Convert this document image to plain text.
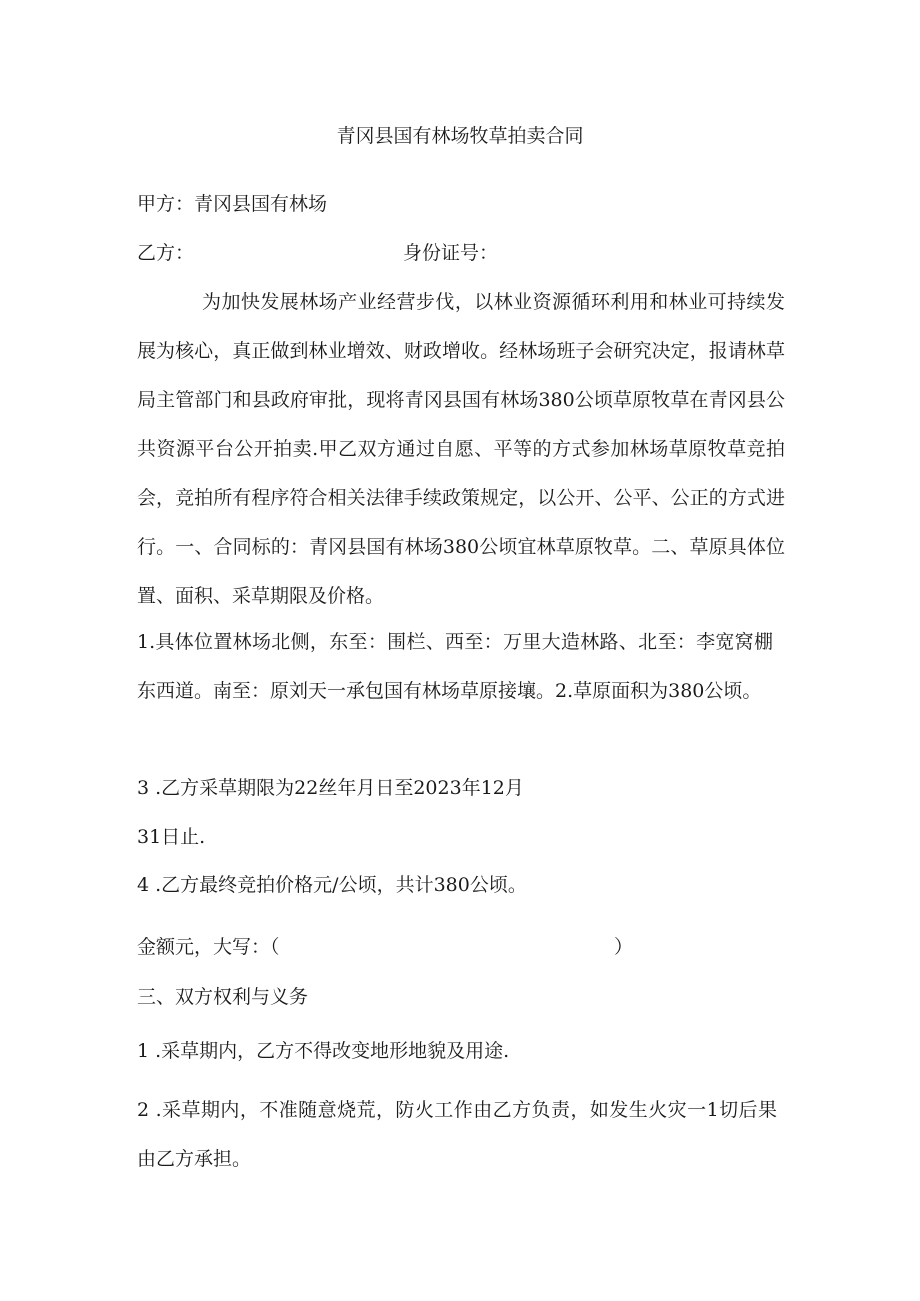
青冈县国有林场牧草拍卖合同
甲方：青冈县国有林场
乙方：	身份证号：
为加快发展林场产业经营步伐，以林业资源循环利用和林业可持续发展为核心，真正做到林业增效、财政增收。经林场班子会研究决定，报请林草局主管部门和县政府审批，现将青冈县国有林场380公顷草原牧草在青冈县公共资源平台公开拍卖.甲乙双方通过自愿、平等的方式参加林场草原牧草竞拍会，竞拍所有程序符合相关法律手续政策规定，以公开、公平、公正的方式进行。一、合同标的：青冈县国有林场380公顷宜林草原牧草。二、草原具体位置、面积、采草期限及价格。
1.具体位置林场北侧，东至：围栏、西至：万里大造林路、北至：李宽窝棚东西道。南至：原刘天一承包国有林场草原接壤。2.草原面积为380公顷。
3 .乙方采草期限为22丝年月日至2023年12月
31日止.
4 .乙方最终竞拍价格元/公顷，共计380公顷。
金额元，大写：（	）
三、双方权利与义务
1 .采草期内，乙方不得改变地形地貌及用途.
2 .采草期内，不准随意烧荒，防火工作由乙方负责，如发生火灾一1切后果由乙方承担。
